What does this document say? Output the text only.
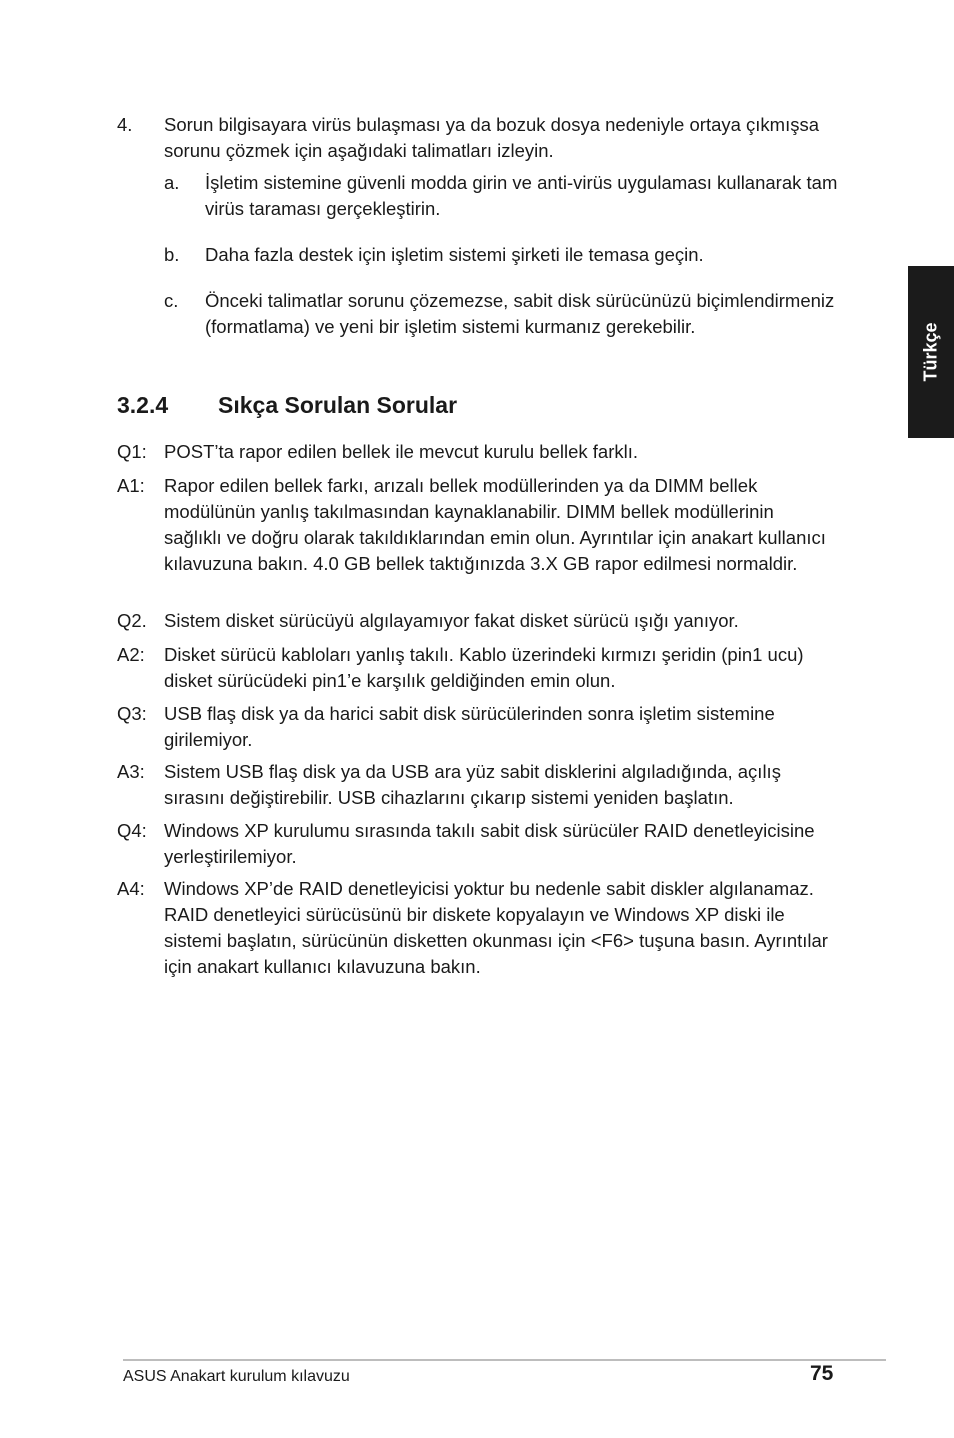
4. Sorun bilgisayara virüs bulaşması ya da bozuk dosya nedeniyle ortaya çıkmışsa sorunu çözmek için aşağıdaki talimatları izleyin.
a. İşletim sistemine güvenli modda girin ve anti-virüs uygulaması kullanarak tam virüs taraması gerçekleştirin.
b. Daha fazla destek için işletim sistemi şirketi ile temasa geçin.
c. Önceki talimatlar sorunu çözemezse, sabit disk sürücünüzü biçimlendirmeniz (formatlama) ve yeni bir işletim sistemi kurmanız gerekebilir.
3.2.4 Sıkça Sorulan Sorular
Q1: POST’ta rapor edilen bellek ile mevcut kurulu bellek farklı.
A1: Rapor edilen bellek farkı, arızalı bellek modüllerinden ya da DIMM bellek modülünün yanlış takılmasından kaynaklanabilir. DIMM bellek modüllerinin sağlıklı ve doğru olarak takıldıklarından emin olun. Ayrıntılar için anakart kullanıcı kılavuzuna bakın. 4.0 GB bellek taktığınızda 3.X GB rapor edilmesi normaldir.
Q2. Sistem disket sürücüyü algılayamıyor fakat disket sürücü ışığı yanıyor.
A2: Disket sürücü kabloları yanlış takılı. Kablo üzerindeki kırmızı şeridin (pin1 ucu) disket sürücüdeki pin1’e karşılık geldiğinden emin olun.
Q3: USB flaş disk ya da harici sabit disk sürücülerinden sonra işletim sistemine girilemiyor.
A3: Sistem USB flaş disk ya da USB ara yüz sabit disklerini algıladığında, açılış sırasını değiştirebilir. USB cihazlarını çıkarıp sistemi yeniden başlatın.
Q4: Windows XP kurulumu sırasında takılı sabit disk sürücüler RAID denetleyicisine yerleştirilemiyor.
A4: Windows XP’de RAID denetleyicisi yoktur bu nedenle sabit diskler algılanamaz. RAID denetleyici sürücüsünü bir diskete kopyalayın ve Windows XP diski ile sistemi başlatın, sürücünün disketten okunması için <F6> tuşuna basın. Ayrıntılar için anakart kullanıcı kılavuzuna bakın.
Türkçe
ASUS Anakart kurulum kılavuzu	75
